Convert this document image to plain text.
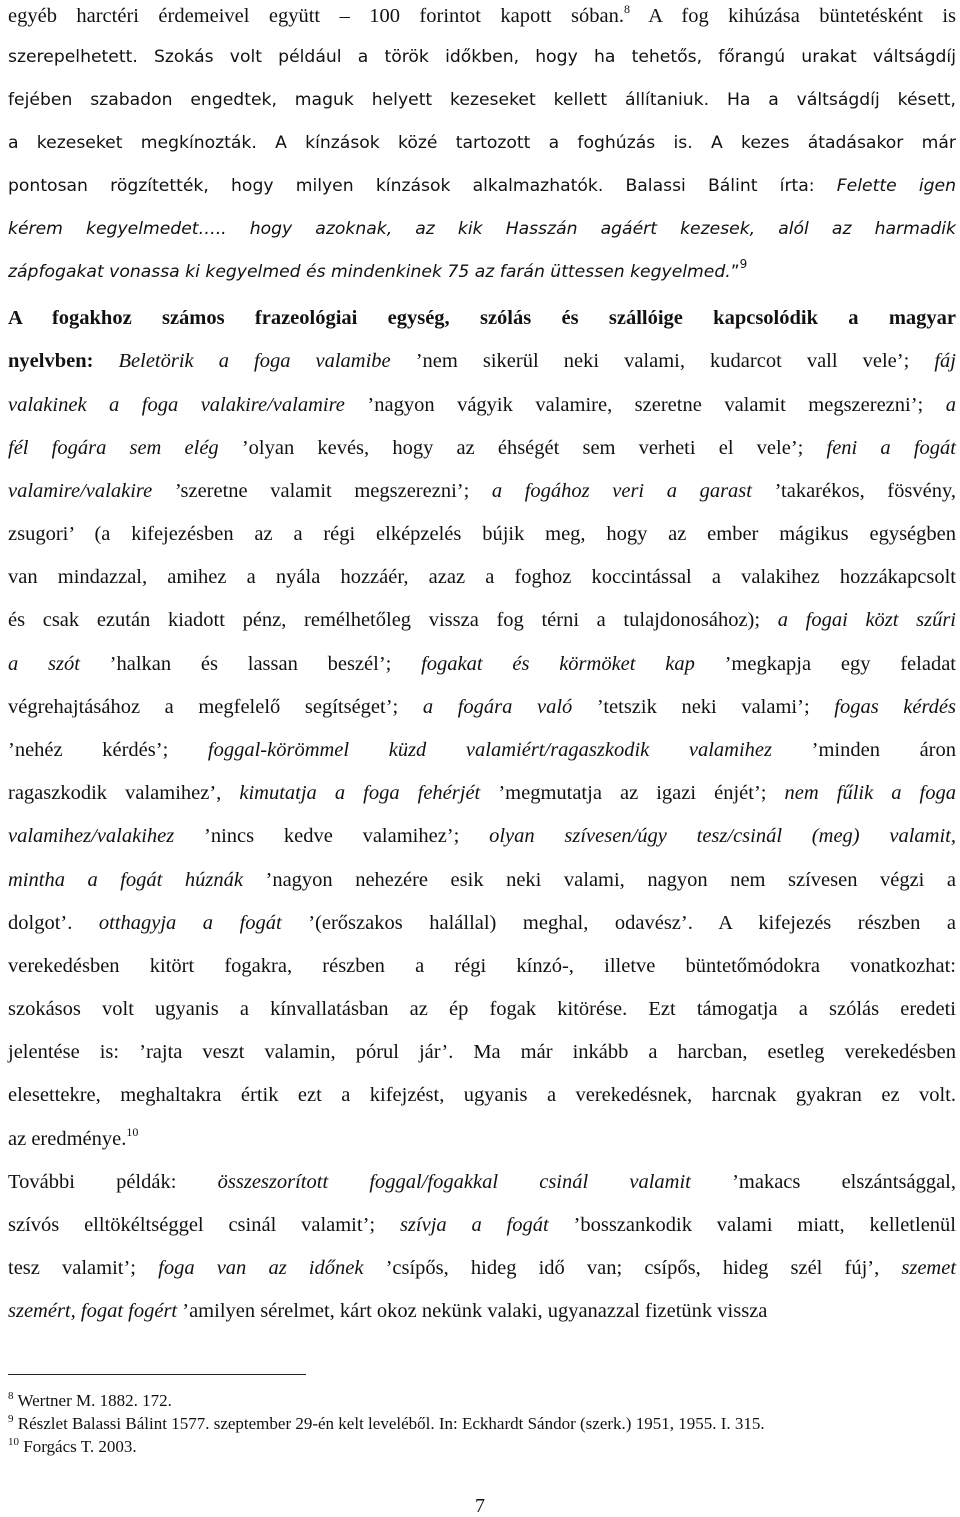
egyéb harctéri érdemeivel együtt – 100 forintot kapott sóban.$^8$ A fog kihúzása büntetésként is
szerepelhetett. Szokás volt például a török időkben, hogy ha tehetős, főrangú urakat váltságdíj
fejében szabadon engedtek, maguk helyett kezeseket kellett állítaniuk. Ha a váltságdíj késett,
a kezeseket megkínozták. A kínzások közé tartozott a foghúzás is. A kezes átadásakor már
pontosan rögzítették, hogy milyen kínzások alkalmazhatók. Balassi Bálint írta: Felette igen
kérem kegyelmedet….. hogy azoknak, az kik Hasszán agáért kezesek, alól az harmadik
zápfogakat vonassa ki kegyelmed és mindenkinek 75 az farán üttessen kegyelmed.”$^9$
A fogakhoz számos frazeológiai egység, szólás és szállóige kapcsolódik a magyar
nyelvben: Beletörik a foga valamibe ’nem sikerül neki valami, kudarcot vall vele’; fáj
valakinek a foga valakire/valamire ’nagyon vágyik valamire, szeretne valamit megszerezni’; a
fél fogára sem elég ’olyan kevés, hogy az éhségét sem verheti el vele’; feni a fogát
valamire/valakire ’szeretne valamit megszerezni’; a fogához veri a garast ’takarékos, fösvény,
zsugori’ (a kifejezésben az a régi elképzelés bújik meg, hogy az ember mágikus egységben
van mindazzal, amihez a nyála hozzáér, azaz a foghoz koccintással a valakihez hozzákapcsolt
és csak ezután kiadott pénz, remélhetőleg vissza fog térni a tulajdonosához); a fogai közt szűri
a szót ’halkan és lassan beszél’; fogakat és körmöket kap ’megkapja egy feladat
végrehajtásához a megfelelő segítséget’; a fogára való ’tetszik neki valami’; fogas kérdés
’nehéz kérdés’; foggal-körömmel küzd valamiért/ragaszkodik valamihez ’minden áron
ragaszkodik valamihez’, kimutatja a foga fehérjét ’megmutatja az igazi énjét’; nem fűlik a foga
valamihez/valakihez ’nincs kedve valamihez’; olyan szívesen/úgy tesz/csinál (meg) valamit,
mintha a fogát húznák ’nagyon nehezére esik neki valami, nagyon nem szívesen végzi a
dolgot’. otthagyja a fogát ’(erőszakos halállal) meghal, odavész’. A kifejezés részben a
verekedésben kitört fogakra, részben a régi kínzó-, illetve büntetőmódokra vonatkozhat:
szokásos volt ugyanis a kínvallatásban az ép fogak kitörése. Ezt támogatja a szólás eredeti
jelentése is: ’rajta veszt valamin, pórul jár’. Ma már inkább a harcban, esetleg verekedésben
elesettekre, meghaltakra értik ezt a kifejzést, ugyanis a verekedésnek, harcnak gyakran ez volt.
az eredménye.$^{10}$
További példák: összeszorított foggal/fogakkal csinál valamit ’makacs elszántsággal,
szívós elltökéltséggel csinál valamit’; szívja a fogát ’bosszankodik valami miatt, kelletlenül
tesz valamit’; foga van az időnek ’csípős, hideg idő van; csípős, hideg szél fúj’, szemet
szemért, fogat fogért ’amilyen sérelmet, kárt okoz nekünk valaki, ugyanazzal fizetünk vissza
$^8$ Wertner M. 1882. 172.
$^9$ Részlet Balassi Bálint 1577. szeptember 29-én kelt leveléből. In: Eckhardt Sándor (szerk.) 1951, 1955. I. 315.
$^{10}$ Forgács T. 2003.
7
